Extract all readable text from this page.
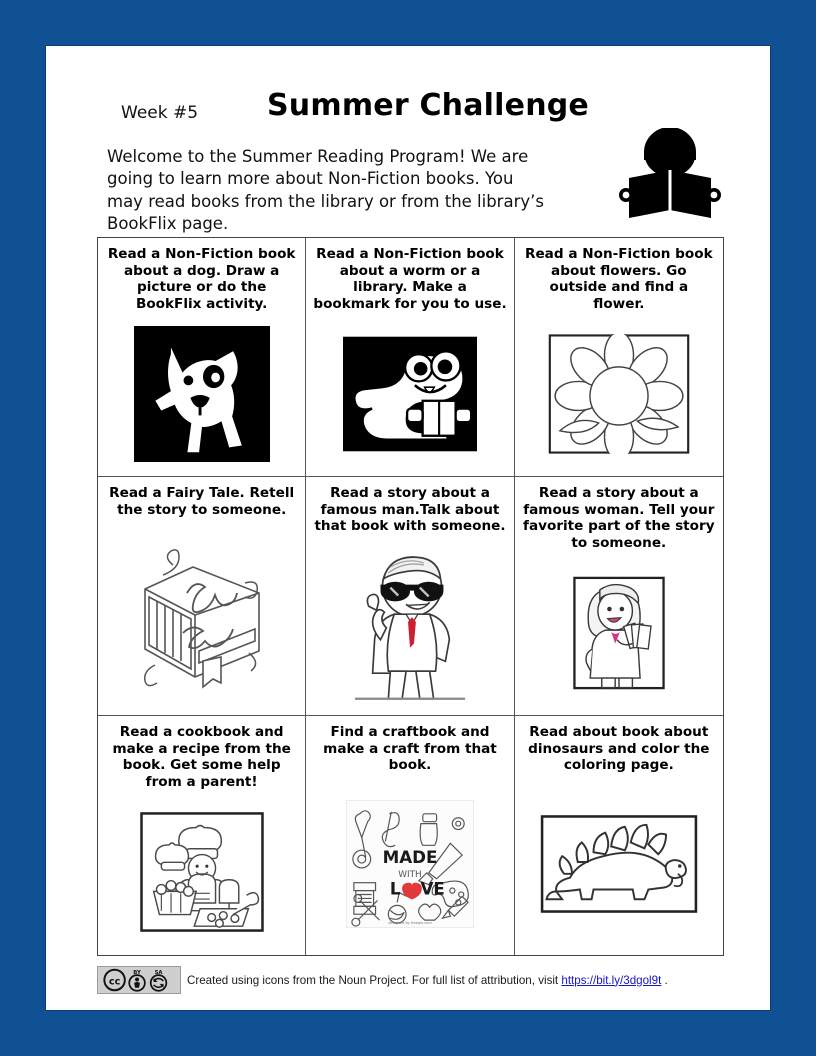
Week #5	Summer Challenge
Welcome to the Summer Reading Program! We are going to learn more about Non-Fiction books. You may read books from the library or from the library’s BookFlix page.
Read a Non-Fiction book about a dog. Draw a picture or do the BookFlix activity.
Read a Non-Fiction book about a worm or a library. Make a bookmark for you to use.
Read a Non-Fiction book about flowers. Go outside and find a flower.
Read a Fairy Tale. Retell the story to someone.
Read a story about a famous man.Talk about that book with someone.
Read a story about a famous woman. Tell your favorite part of the story to someone.
Read a cookbook and make a recipe from the book. Get some help from a parent!
Find a craftbook and make a craft from that book.
MADE
WITH
L VE
designed by freepik.com
Read about book about dinosaurs and color the coloring page.
cc
BY	SA
Created using icons from the Noun Project. For full list of attribution, visit https://bit.ly/3dgol9t .
